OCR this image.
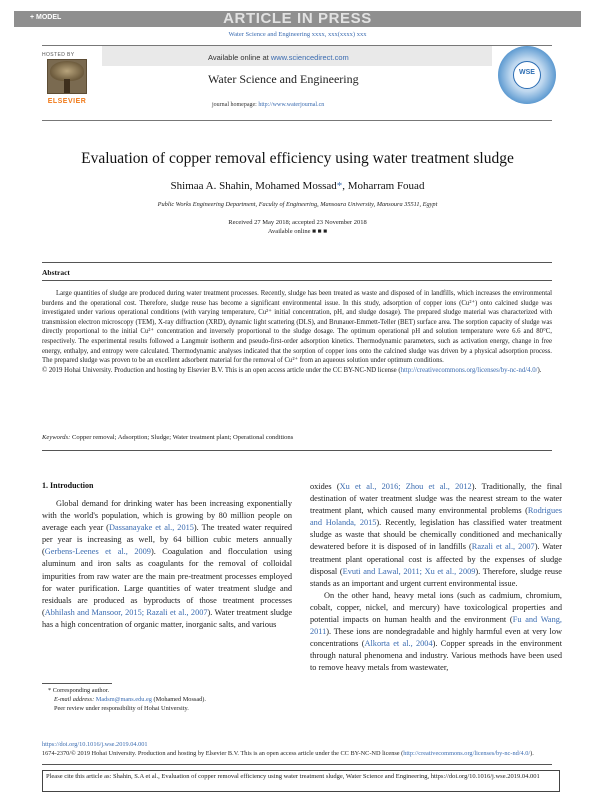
+ MODEL	ARTICLE IN PRESS
Water Science and Engineering xxxx, xxx(xxxx) xxx
HOSTED BY
ELSEVIER
Available online at www.sciencedirect.com
Water Science and Engineering
journal homepage: http://www.waterjournal.cn
WSE
Evaluation of copper removal efficiency using water treatment sludge
Shimaa A. Shahin, Mohamed Mossad*, Moharram Fouad
Public Works Engineering Department, Faculty of Engineering, Mansoura University, Mansoura 35511, Egypt
Received 27 May 2018; accepted 23 November 2018
Available online ■ ■ ■
Abstract

Large quantities of sludge are produced during water treatment processes. Recently, sludge has been treated as waste and disposed of in landfills, which increases the environmental burdens and the operational cost. Therefore, sludge reuse has become a significant environmental issue. In this study, adsorption of copper ions (Cu²⁺) onto calcined sludge was investigated under various operational conditions (with varying temperature, Cu²⁺ initial concentration, pH, and sludge dosage). The prepared sludge material was characterized with transmission electron microscopy (TEM), X-ray diffraction (XRD), dynamic light scattering (DLS), and Brunauer-Emmett-Teller (BET) surface area. The sorption capacity of sludge was directly proportional to the initial Cu²⁺ concentration and inversely proportional to the sludge dosage. The optimum operational pH and solution temperature were 6.6 and 80°C, respectively. The experimental results followed a Langmuir isotherm and pseudo-first-order adsorption kinetics. Thermodynamic parameters, such as activation energy, change in free energy, enthalpy, and entropy were calculated. Thermodynamic analyses indicated that the sorption of copper ions onto the calcined sludge was driven by a physical adsorption process. The prepared sludge was proven to be an excellent adsorbent material for the removal of Cu²⁺ from an aqueous solution under optimum conditions.

© 2019 Hohai University. Production and hosting by Elsevier B.V. This is an open access article under the CC BY-NC-ND license (http://creativecommons.org/licenses/by-nc-nd/4.0/).

Keywords: Copper removal; Adsorption; Sludge; Water treatment plant; Operational conditions
1. Introduction

Global demand for drinking water has been increasing exponentially with the world's population, which is growing by 80 million people on average each year (Dassanayake et al., 2015). The treated water required per year is increasing as well, by 64 billion cubic meters annually (Gerbens-Leenes et al., 2009). Coagulation and flocculation using aluminum and iron salts as coagulants for the removal of colloidal impurities from raw water are the main pre-treatment processes employed for water purification. Large quantities of water treatment sludge and residuals are produced as byproducts of those treatment processes (Abhilash and Mansoor, 2015; Razali et al., 2007). Water treatment sludge has a high concentration of organic matter, inorganic salts, and various

oxides (Xu et al., 2016; Zhou et al., 2012). Traditionally, the final destination of water treatment sludge was the nearest stream to the water treatment plant, which caused many environmental problems (Rodrigues and Holanda, 2015). Recently, legislation has classified water treatment sludge as waste that should be chemically conditioned and mechanically dewatered before it is disposed of in landfills (Razali et al., 2007). Water treatment plant operational cost is affected by the expenses of sludge disposal (Evuti and Lawal, 2011; Xu et al., 2009). Therefore, sludge reuse stands as an important and urgent current environmental issue.

On the other hand, heavy metal ions (such as cadmium, chromium, cobalt, copper, nickel, and mercury) have toxicological properties and potential impacts on human health and the environment (Fu and Wang, 2011). These ions are nondegradable and highly harmful even at very low concentrations (Alkorta et al., 2004). Copper spreads in the environment through natural phenomena and industry. Various methods have been used to remove heavy metals from wastewater,

* Corresponding author.
E-mail address: Madsm@mans.edu.eg (Mohamed Mossad).
Peer review under responsibility of Hohai University.
https://doi.org/10.1016/j.wse.2019.04.001
1674-2370/© 2019 Hohai University. Production and hosting by Elsevier B.V. This is an open access article under the CC BY-NC-ND license (http://creativecommons.org/licenses/by-nc-nd/4.0/).
Please cite this article as: Shahin, S.A et al., Evaluation of copper removal efficiency using water treatment sludge, Water Science and Engineering, https://doi.org/10.1016/j.wse.2019.04.001
